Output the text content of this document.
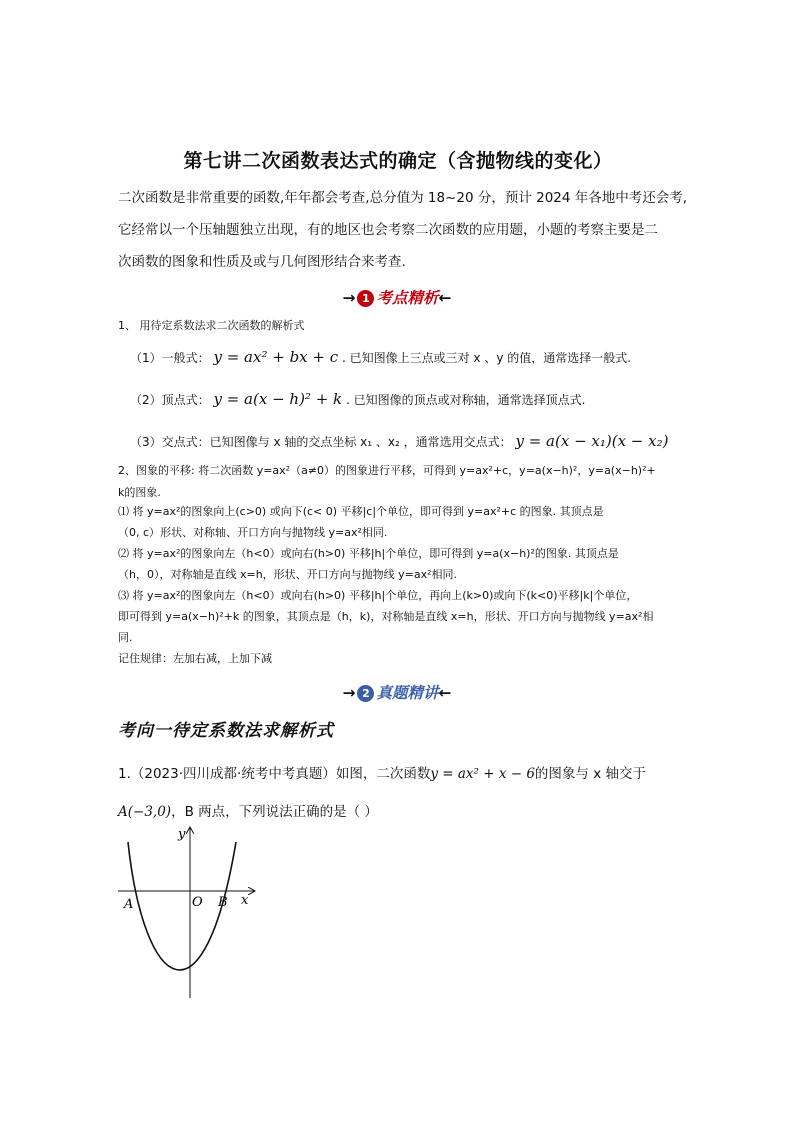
第七讲二次函数表达式的确定（含抛物线的变化）
二次函数是非常重要的函数,年年都会考查,总分值为 18~20 分，预计 2024 年各地中考还会考,
它经常以一个压轴题独立出现，有的地区也会考察二次函数的应用题，小题的考察主要是二
次函数的图象和性质及或与几何图形结合来考查.
→ 1 考点精析←
1、 用待定系数法求二次函数的解析式
（1）一般式： y = ax² + bx + c . 已知图像上三点或三对 x 、y 的值，通常选择一般式.
（2）顶点式： y = a(x − h)² + k . 已知图像的顶点或对称轴，通常选择顶点式.
（3）交点式：已知图像与 x 轴的交点坐标 x₁ 、x₂ ，通常选用交点式： y = a(x − x₁)(x − x₂)
2、图象的平移: 将二次函数 y=ax²（a≠0）的图象进行平移，可得到 y=ax²+c，y=a(x−h)²，y=a(x−h)²+
k的图象.
⑴ 将 y=ax²的图象向上(c>0) 或向下(c< 0) 平移|c|个单位，即可得到 y=ax²+c 的图象. 其顶点是
（0, c）形状、对称轴、开口方向与抛物线 y=ax²相同.
⑵ 将 y=ax²的图象向左（h<0）或向右(h>0) 平移|h|个单位，即可得到 y=a(x−h)²的图象. 其顶点是
（h，0），对称轴是直线 x=h，形状、开口方向与抛物线 y=ax²相同.
⑶ 将 y=ax²的图象向左（h<0）或向右(h>0) 平移|h|个单位，再向上(k>0)或向下(k<0)平移|k|个单位，
即可得到 y=a(x−h)²+k 的图象，其顶点是（h，k)，对称轴是直线 x=h，形状、开口方向与抛物线 y=ax²相
同.
记住规律：左加右减，上加下减
→ 2 真题精讲←
考向一待定系数法求解析式
1.（2023·四川成都·统考中考真题）如图，二次函数y = ax² + x − 6的图象与 x 轴交于
A(−3,0)，B 两点，下列说法正确的是（ ）
y
x
O
A	B
